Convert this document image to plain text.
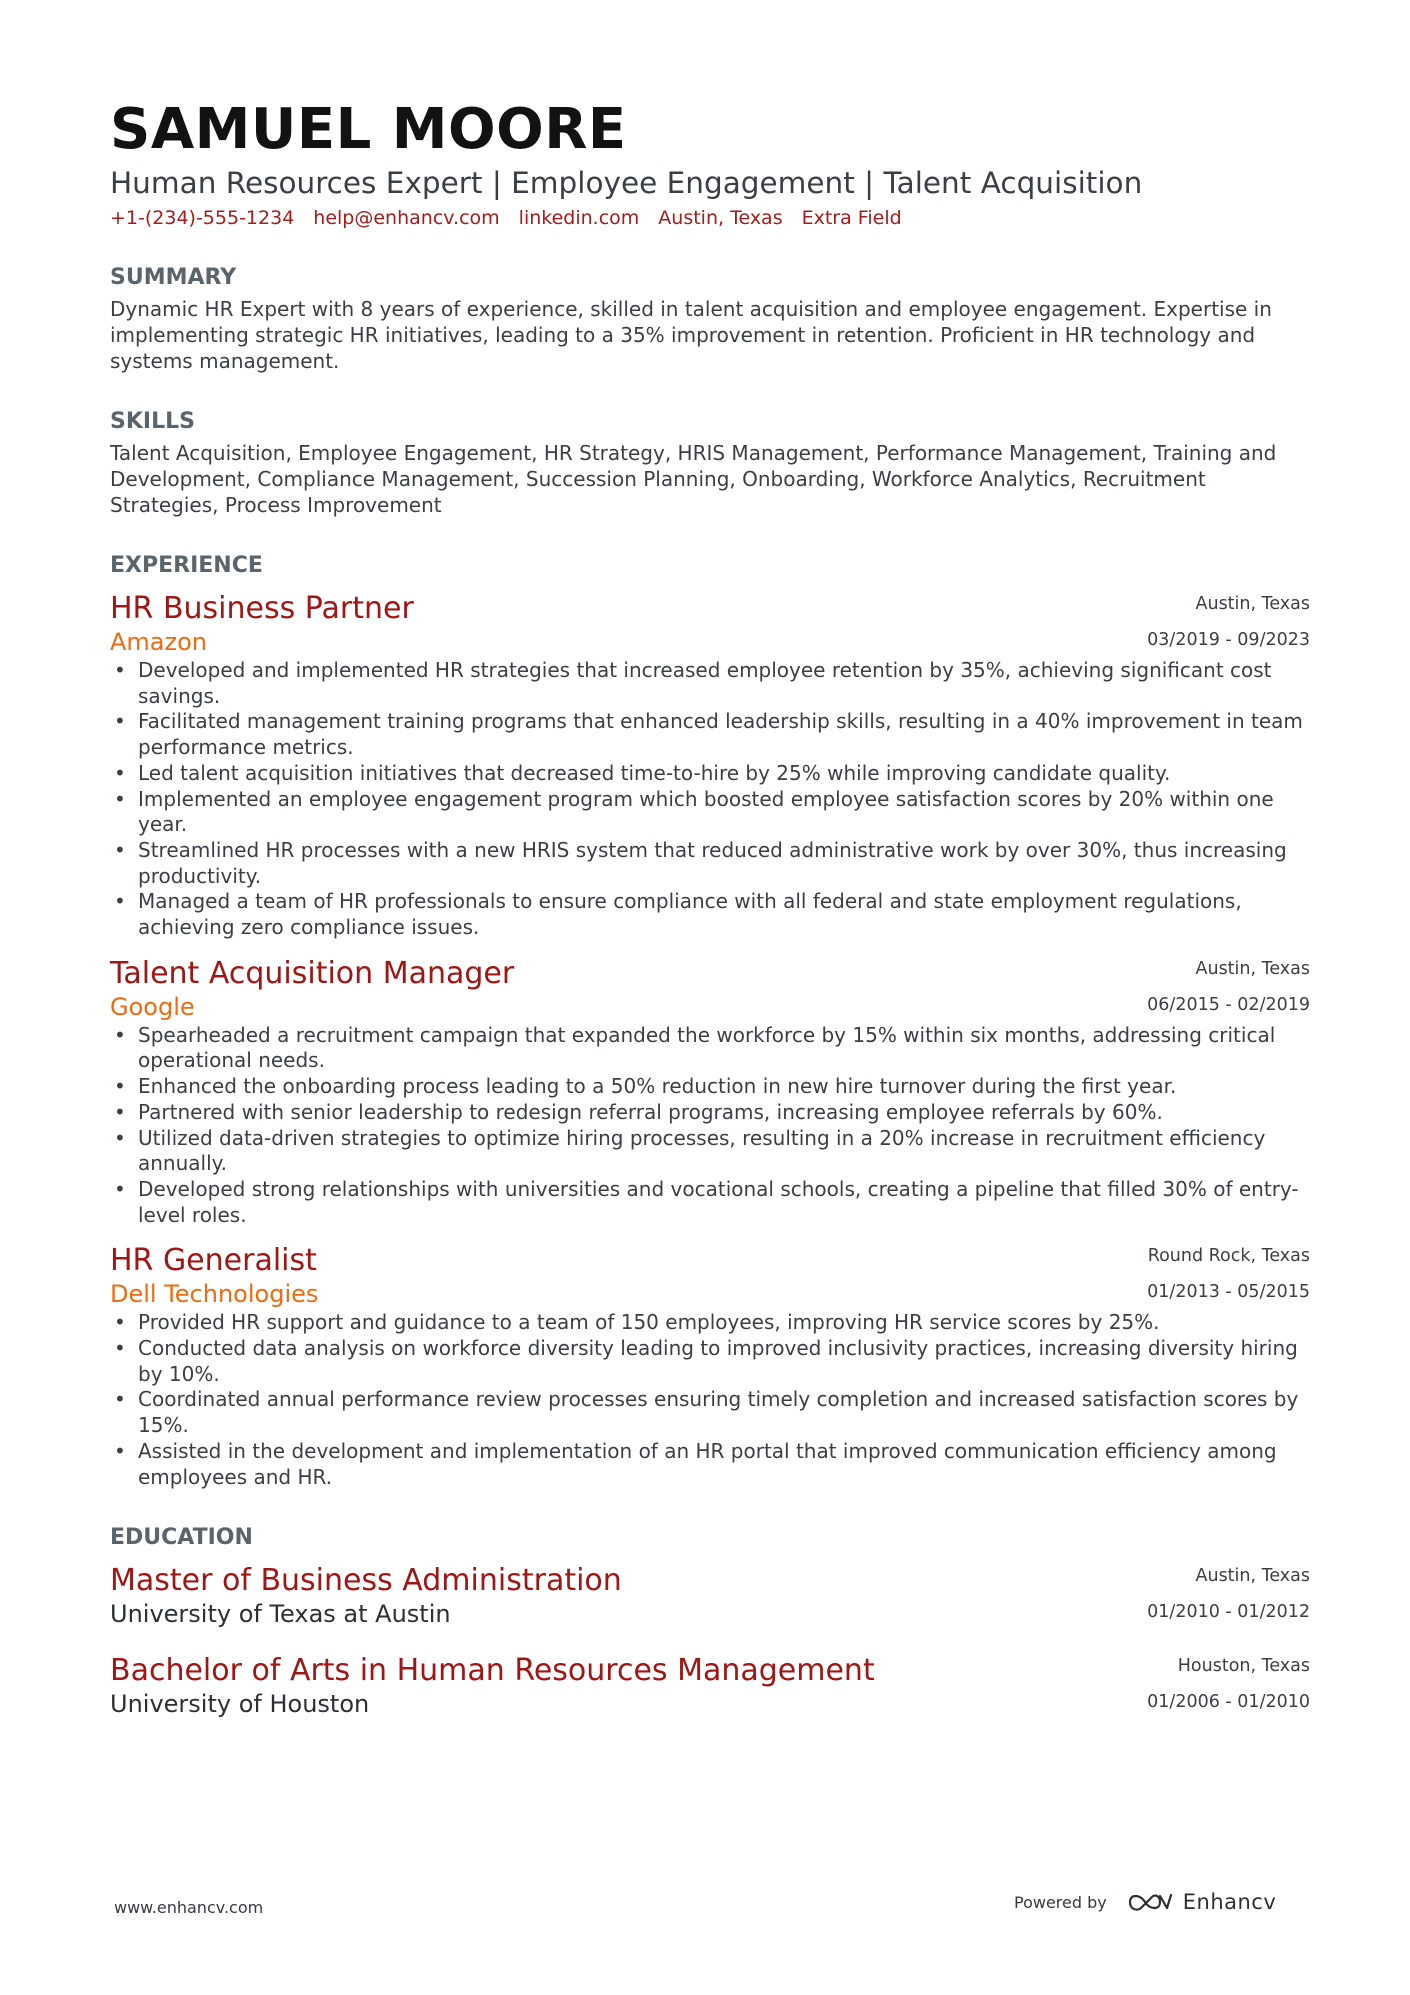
SAMUEL MOORE

Human Resources Expert | Employee Engagement | Talent Acquisition

+1-(234)-555-1234 help@enhancv.com linkedin.com Austin, Texas Extra Field
SUMMARY

Dynamic HR Expert with 8 years of experience, skilled in talent acquisition and employee engagement. Expertise in implementing strategic HR initiatives, leading to a 35% improvement in retention. Proficient in HR technology and systems management.

SKILLS

Talent Acquisition, Employee Engagement, HR Strategy, HRIS Management, Performance Management, Training and Development, Compliance Management, Succession Planning, Onboarding, Workforce Analytics, Recruitment Strategies, Process Improvement

EXPERIENCE

HR Business Partner

Amazon

Austin, Texas
03/2019 - 09/2023
• Developed and implemented HR strategies that increased employee retention by 35%, achieving significant cost savings.
• Facilitated management training programs that enhanced leadership skills, resulting in a 40% improvement in team performance metrics.
• Led talent acquisition initiatives that decreased time-to-hire by 25% while improving candidate quality.
• Implemented an employee engagement program which boosted employee satisfaction scores by 20% within one year.
• Streamlined HR processes with a new HRIS system that reduced administrative work by over 30%, thus increasing productivity.
• Managed a team of HR professionals to ensure compliance with all federal and state employment regulations, achieving zero compliance issues.

Talent Acquisition Manager

Google

Austin, Texas
06/2015 - 02/2019
• Spearheaded a recruitment campaign that expanded the workforce by 15% within six months, addressing critical operational needs.
• Enhanced the onboarding process leading to a 50% reduction in new hire turnover during the first year.
• Partnered with senior leadership to redesign referral programs, increasing employee referrals by 60%.
• Utilized data-driven strategies to optimize hiring processes, resulting in a 20% increase in recruitment efficiency annually.
• Developed strong relationships with universities and vocational schools, creating a pipeline that filled 30% of entry-level roles.

HR Generalist

Dell Technologies

Round Rock, Texas
01/2013 - 05/2015
• Provided HR support and guidance to a team of 150 employees, improving HR service scores by 25%.
• Conducted data analysis on workforce diversity leading to improved inclusivity practices, increasing diversity hiring by 10%.
• Coordinated annual performance review processes ensuring timely completion and increased satisfaction scores by 15%.
• Assisted in the development and implementation of an HR portal that improved communication efficiency among employees and HR.
EDUCATION

Master of Business Administration

University of Texas at Austin

Austin, Texas
01/2010 - 01/2012

Bachelor of Arts in Human Resources Management

University of Houston

Houston, Texas
01/2006 - 01/2010
www.enhancv.com	Powered by	Enhancv
